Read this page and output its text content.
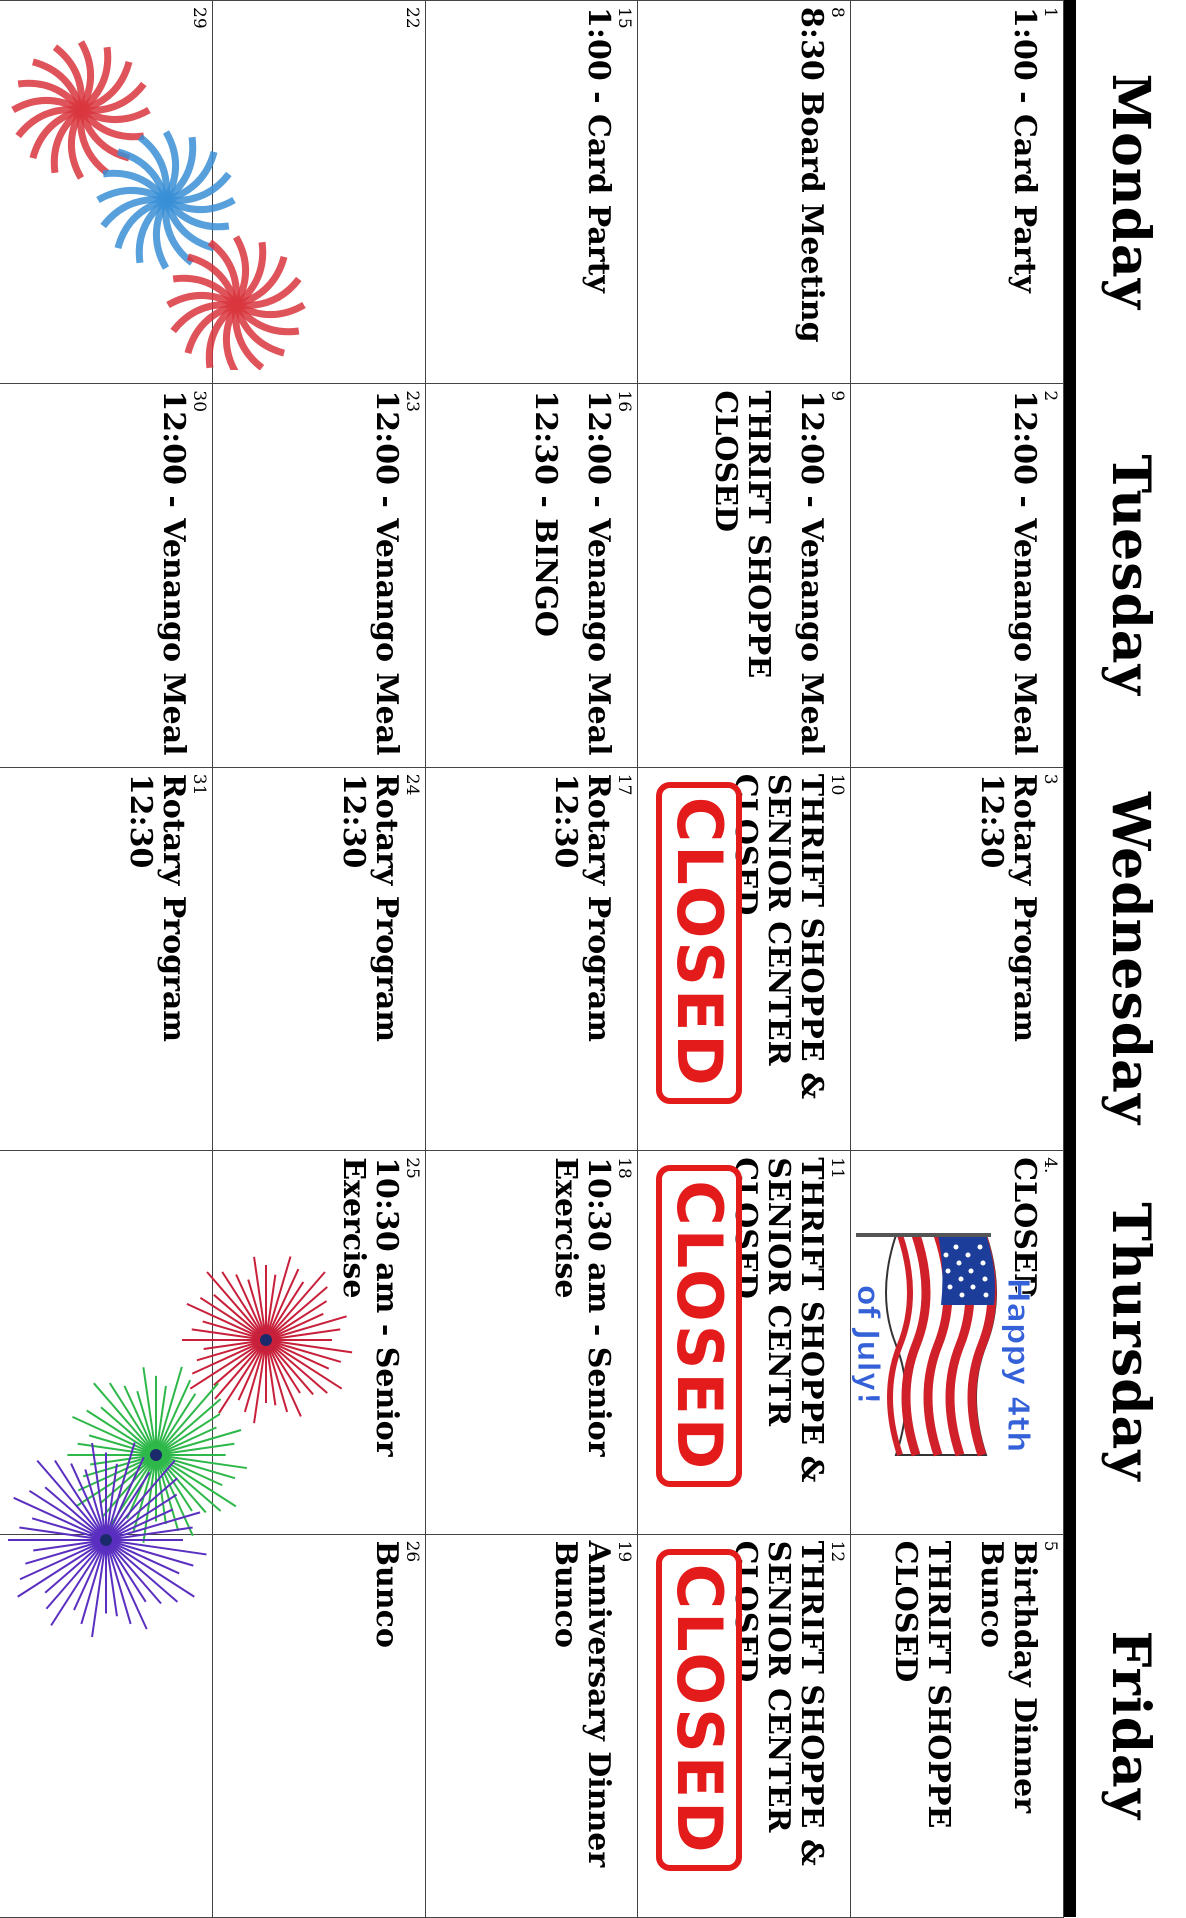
Monday
Tuesday
Wednesday
Thursday
Friday
1
1:00 - Card Party
2
12:00 - Venango Meal
3
Rotary Program 12:30
4.
CLOSED
5
Birthday Dinner
Bunco
THRIFT SHOPPE
CLOSED
8
8:30 Board Meeting
9
12:00 - Venango Meal
THRIFT SHOPPE
CLOSED
10
THRIFT SHOPPE &
SENIOR CENTER
CLOSED
CLOSED
11
THRIFT SHOPPE &
SENIOR CENTR
CLOSED
CLOSED
12
THRIFT SHOPPE &
SENIOR CENTER
CLOSED
CLOSED
15
1:00 - Card Party
16
12:00 - Venango Meal
12:30 - BINGO
17
Rotary Program 12:30
18
10:30 am - Senior
Exercise
19
Anniversary Dinner
Bunco
22
23
12:00 - Venango Meal
24
Rotary Program 12:30
25
10:30 am - Senior
Exercise
26
Bunco
29
30
12:00 - Venango Meal
31
Rotary Program 12:30
Happy 4th
of July!
